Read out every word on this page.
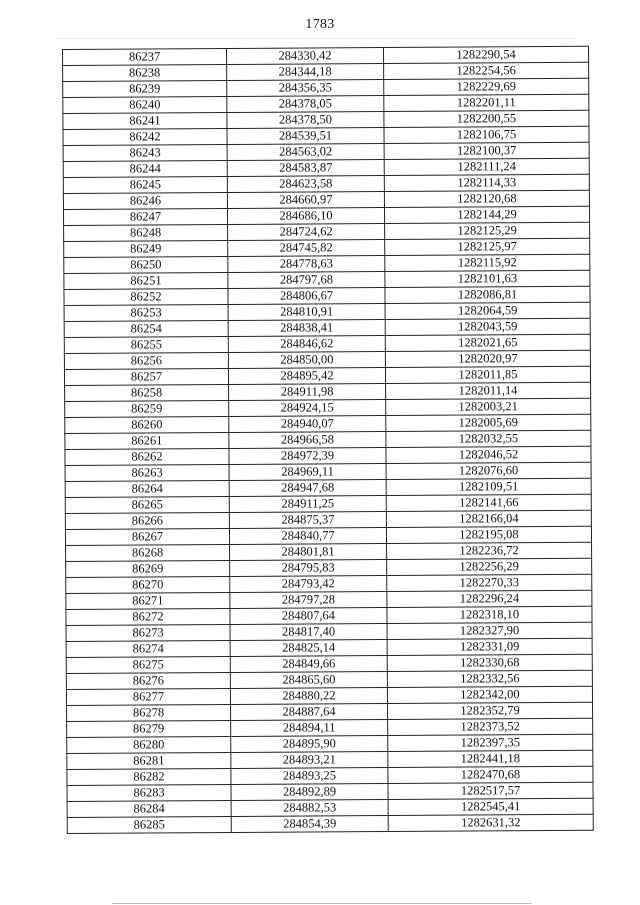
1783
86237	284330,42	1282290,54
86238	284344,18	1282254,56
86239	284356,35	1282229,69
86240	284378,05	1282201,11
86241	284378,50	1282200,55
86242	284539,51	1282106,75
86243	284563,02	1282100,37
86244	284583,87	1282111,24
86245	284623,58	1282114,33
86246	284660,97	1282120,68
86247	284686,10	1282144,29
86248	284724,62	1282125,29
86249	284745,82	1282125,97
86250	284778,63	1282115,92
86251	284797,68	1282101,63
86252	284806,67	1282086,81
86253	284810,91	1282064,59
86254	284838,41	1282043,59
86255	284846,62	1282021,65
86256	284850,00	1282020,97
86257	284895,42	1282011,85
86258	284911,98	1282011,14
86259	284924,15	1282003,21
86260	284940,07	1282005,69
86261	284966,58	1282032,55
86262	284972,39	1282046,52
86263	284969,11	1282076,60
86264	284947,68	1282109,51
86265	284911,25	1282141,66
86266	284875,37	1282166,04
86267	284840,77	1282195,08
86268	284801,81	1282236,72
86269	284795,83	1282256,29
86270	284793,42	1282270,33
86271	284797,28	1282296,24
86272	284807,64	1282318,10
86273	284817,40	1282327,90
86274	284825,14	1282331,09
86275	284849,66	1282330,68
86276	284865,60	1282332,56
86277	284880,22	1282342,00
86278	284887,64	1282352,79
86279	284894,11	1282373,52
86280	284895,90	1282397,35
86281	284893,21	1282441,18
86282	284893,25	1282470,68
86283	284892,89	1282517,57
86284	284882,53	1282545,41
86285	284854,39	1282631,32
